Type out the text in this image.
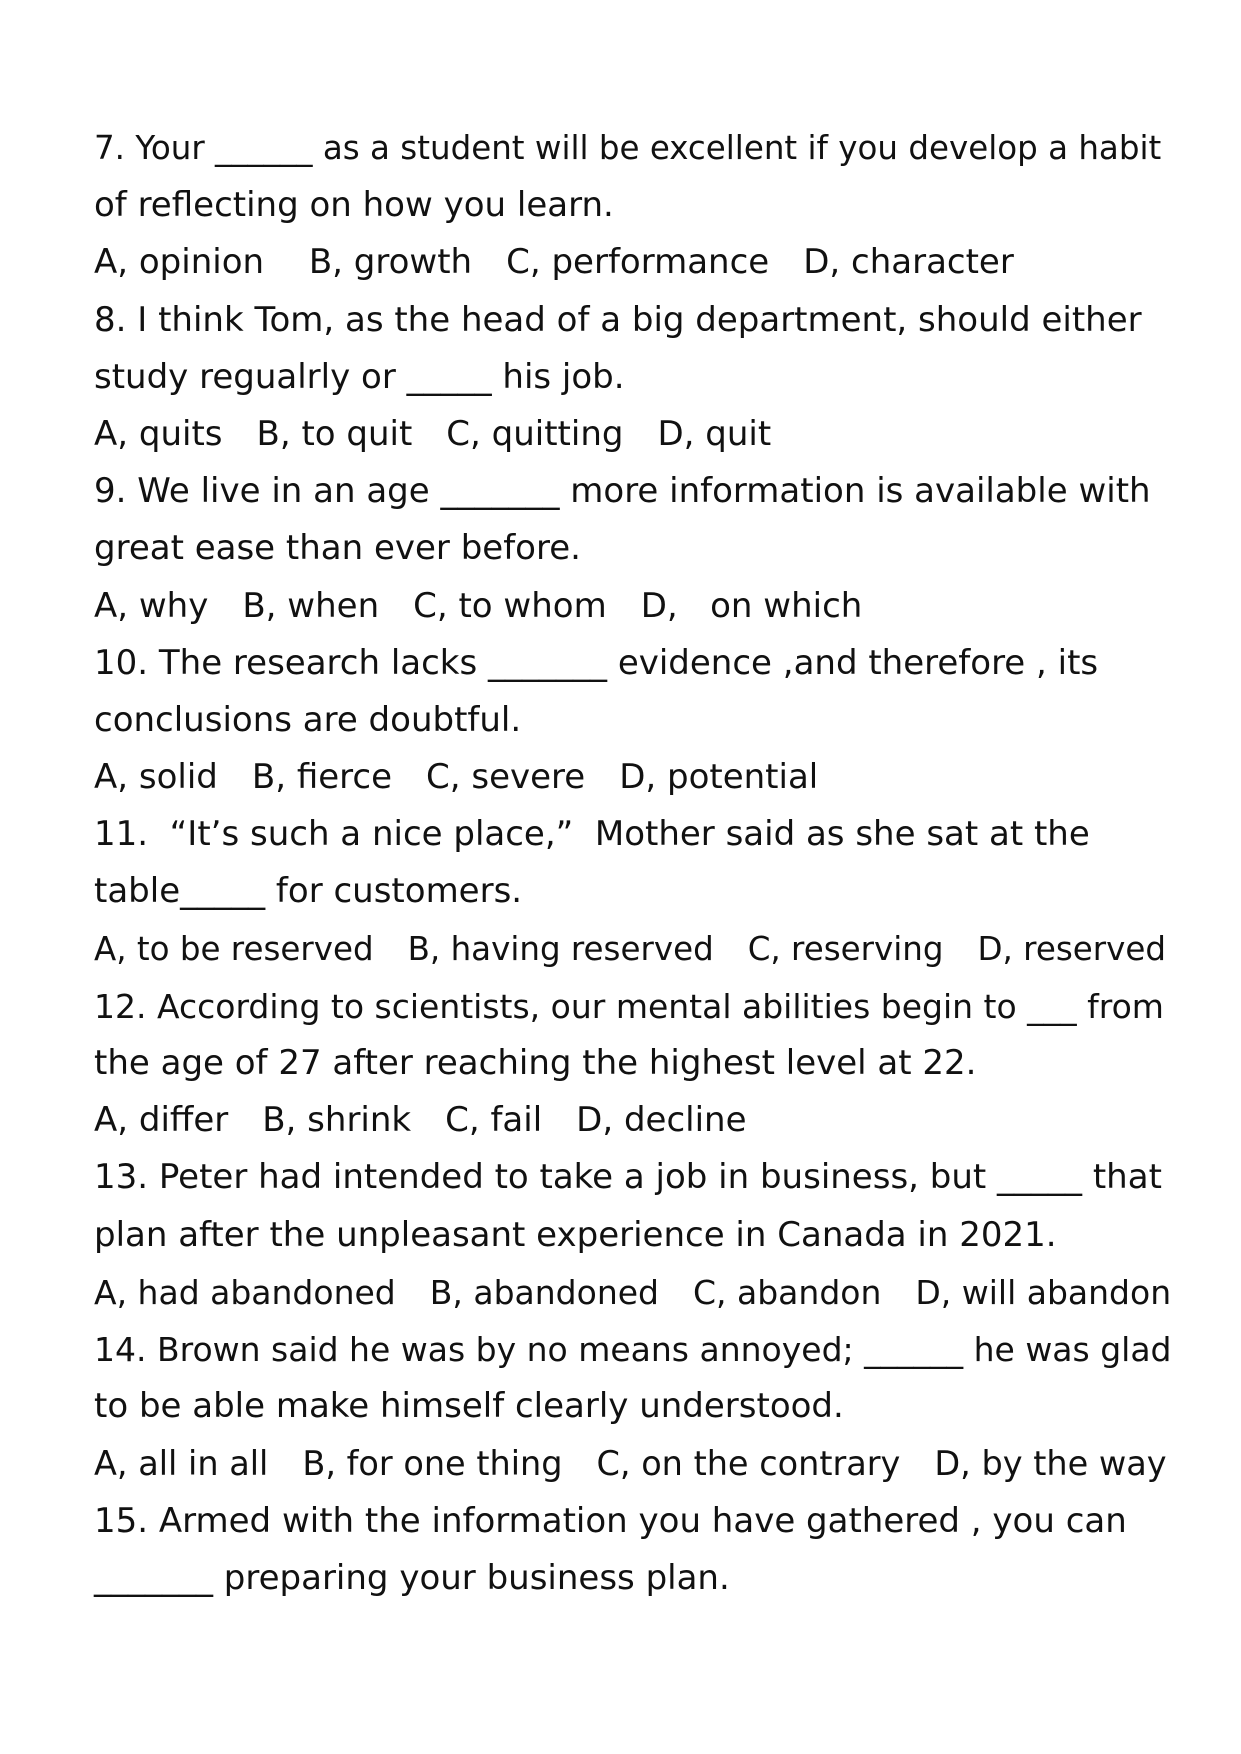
7. Your ______ as a student will be excellent if you develop a habit
of reflecting on how you learn.
A, opinion B, growth C, performance D, character
8. I think Tom, as the head of a big department, should either
study regualrly or _____ his job.
A, quits B, to quit C, quitting D, quit
9. We live in an age _______ more information is available with
great ease than ever before.
A, why B, when C, to whom D,   on which
10. The research lacks _______ evidence ,and therefore , its
conclusions are doubtful.
A, solid B, fierce C, severe D, potential
11.  “It’s such a nice place,”  Mother said as she sat at the
table_____ for customers.
A, to be reserved B, having reserved C, reserving D, reserved
12. According to scientists, our mental abilities begin to ___ from
the age of 27 after reaching the highest level at 22.
A, differ B, shrink C, fail D, decline
13. Peter had intended to take a job in business, but _____ that
plan after the unpleasant experience in Canada in 2021.
A, had abandoned B, abandoned C, abandon D, will abandon
14. Brown said he was by no means annoyed; ______ he was glad
to be able make himself clearly understood.
A, all in all B, for one thing C, on the contrary D, by the way
15. Armed with the information you have gathered , you can
_______ preparing your business plan.
